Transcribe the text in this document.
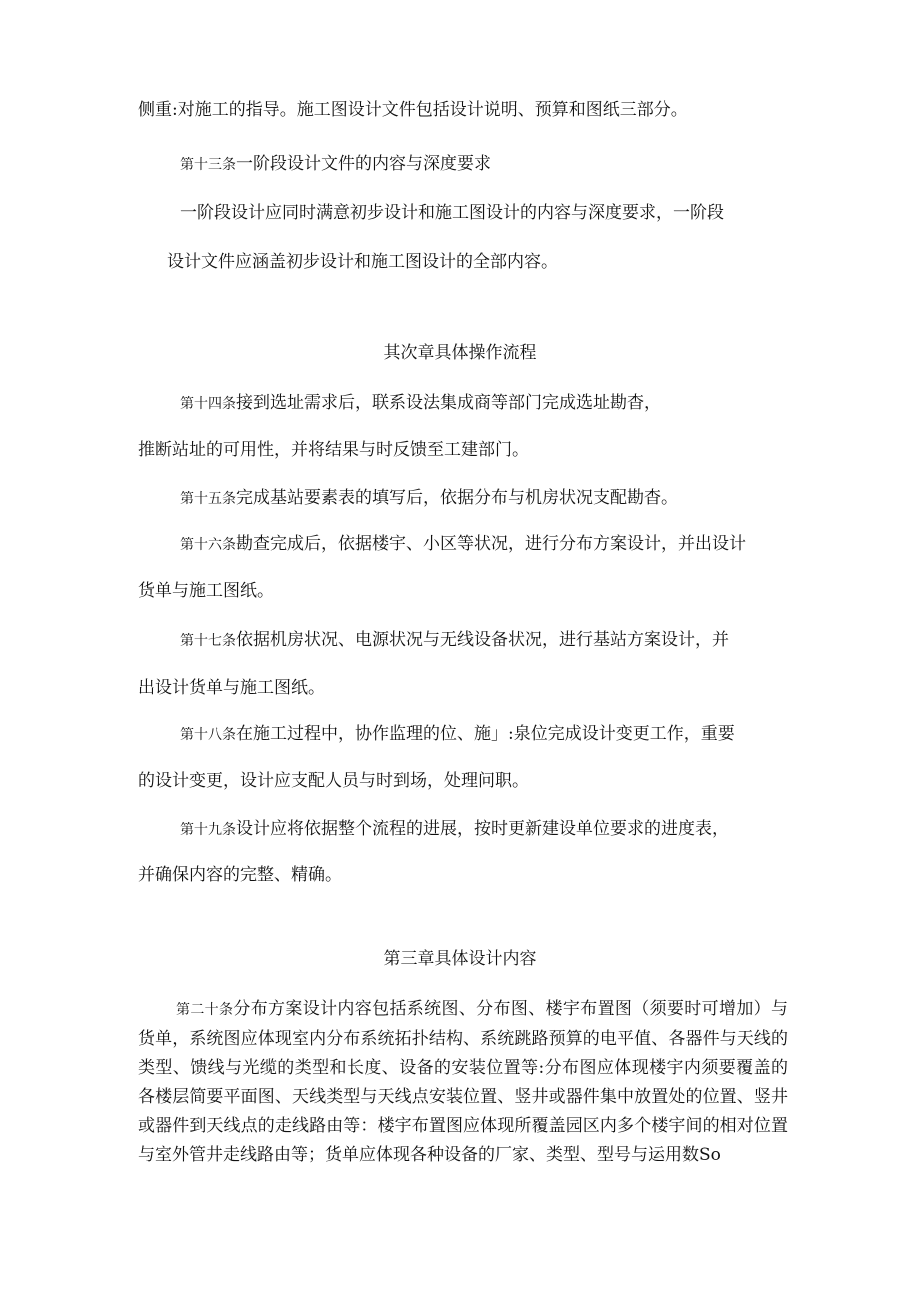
侧重:对施工的指导。施工图设计文件包括设计说明、预算和图纸三部分。
第十三条一阶段设计文件的内容与深度要求
一阶段设计应同时满意初步设计和施工图设计的内容与深度要求，一阶段
设计文件应涵盖初步设计和施工图设计的全部内容。
其次章具体操作流程
第十四条接到选址需求后，联系设法集成商等部门完成选址勘杳，
推断站址的可用性，并将结果与时反馈至工建部门。
第十五条完成基站要素表的填写后，依据分布与机房状况支配勘杳。
第十六条勘查完成后，依据楼宇、小区等状况，进行分布方案设计，并出设计
货单与施工图纸。
第十七条依据机房状况、电源状况与无线设备状况，进行基站方案设计，并
出设计货单与施工图纸。
第十八条在施工过程中，协作监理的位、施」:泉位完成设计变更工作，重要
的设计变更，设计应支配人员与时到场，处理问职。
第十九条设计应将依据整个流程的进展，按时更新建设单位要求的进度表，
并确保内容的完整、精确。
第三章具体设计内容
第二十条分布方案设计内容包括系统图、分布图、楼宇布置图（须要时可增加）与货单，系统图应体现室内分布系统拓扑结构、系统跳路预算的电平值、各器件与天线的类型、馈线与光缆的类型和长度、设备的安装位置等:分布图应体现楼宇内须要覆盖的各楼层简要平面图、天线类型与天线点安装位置、竖井或器件集中放置处的位置、竖井或器件到天线点的走线路由等：楼宇布置图应体现所覆盖园区内多个楼宇间的相对位置与室外管井走线路由等；货单应体现各种设备的厂家、类型、型号与运用数So
